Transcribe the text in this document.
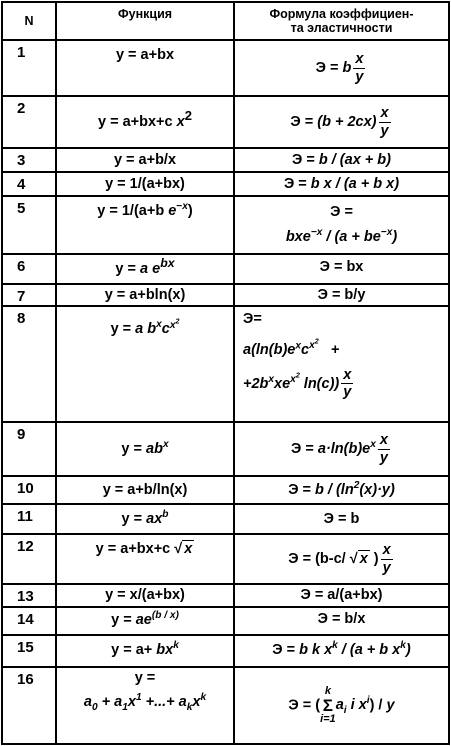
N	Функция	Формула коэффициен-
та эластичности

1	y = a+bx	Э = b $\frac{x}{y}$

2	y = a+bx+c $x^2$	$Э = (b + 2cx) \frac{x}{y}$

3	y = a+b/x	Э = b / (ax + b)
4	y = 1/(a+bx)	Э = b x / (a + b x)
5	y = 1/(a+b $e^{-x}$)	Э =
$bxe^{-x} / (a + be^{-x})$

6	y = a $e^{bx}$	Э = bx
7	y = a+bln(x)	Э = b/y
8	y = a $b^xc^{x^2}$	Э=
$a(\ln(b)e^xc^{x^2}$   +
$+2b^xxe^{x^2}$ $\ln(c)) \frac{x}{y}$

9	$y = ab^x$	$Э = a\cdot\ln(b)e^x \frac{x}{y}$

10	y = a+b/ln(x)	$Э = b / (\ln^2(x)\cdot y)$
11	$y = ax^b$	Э = b
12	y = a+bx+c √ x	Э = (b-c/ √ x ) $\frac{x}{y}$

13	y = x/(a+bx)	Э = a/(a+bx)
14	$y = ae^{(b / x)}$	Э = b/x
15	$y = a+ bx^k$	Э = b k $x^k / (a + b$ $x^k$)
16	y =
$a_0 + a_1x^1$ +...+ $a_kx^k$	Э = (
k
Σ
i=1
$a_i$ i $x^i$) / y
